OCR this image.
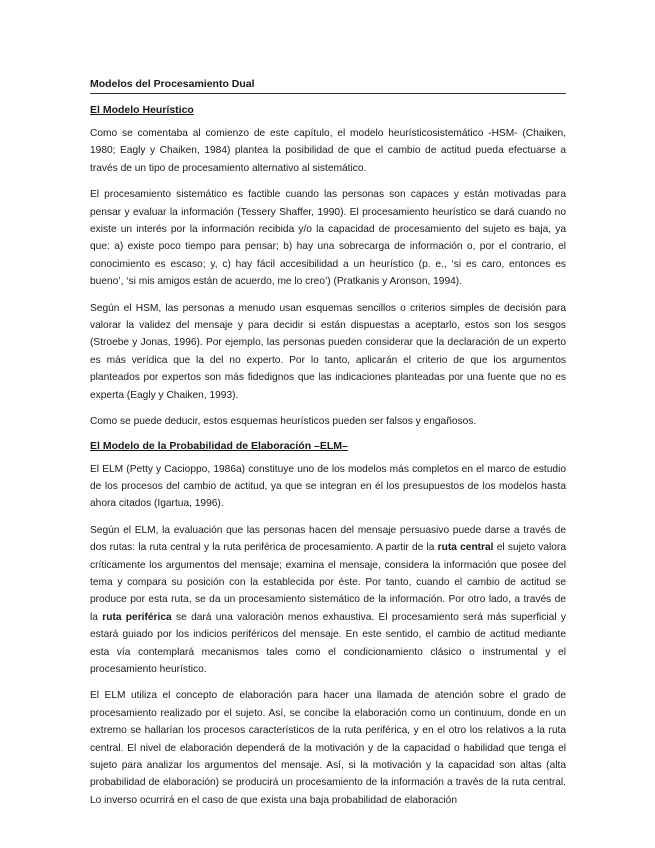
Modelos del Procesamiento Dual
El Modelo Heurístico

Como se comentaba al comienzo de este capítulo, el modelo heurísticosistemático -HSM- (Chaiken, 1980; Eagly y Chaiken, 1984) plantea la posibilidad de que el cambio de actitud pueda efectuarse a través de un tipo de procesamiento alternativo al sistemático.

El procesamiento sistemático es factible cuando las personas son capaces y están motivadas para pensar y evaluar la información (Tessery Shaffer, 1990). El procesamiento heurístico se dará cuando no existe un interés por la información recibida y/o la capacidad de procesamiento del sujeto es baja, ya que: a) existe poco tiempo para pensar; b) hay una sobrecarga de información o, por el contrario, el conocimiento es escaso; y, c) hay fácil accesibilidad a un heurístico (p. e., ‘si es caro, entonces es bueno’, ‘si mis amigos están de acuerdo, me lo creo’) (Pratkanis y Aronson, 1994).

Según el HSM, las personas a menudo usan esquemas sencillos o criterios simples de decisión para valorar la validez del mensaje y para decidir si están dispuestas a aceptarlo, estos son los sesgos (Stroebe y Jonas, 1996). Por ejemplo, las personas pueden considerar que la declaración de un experto es más verídica que la del no experto. Por lo tanto, aplicarán el criterio de que los argumentos planteados por expertos son más fidedignos que las indicaciones planteadas por una fuente que no es experta (Eagly y Chaiken, 1993).

Como se puede deducir, estos esquemas heurísticos pueden ser falsos y engañosos.

El Modelo de la Probabilidad de Elaboración –ELM–

El ELM (Petty y Cacioppo, 1986a) constituye uno de los modelos más completos en el marco de estudio de los procesos del cambio de actitud, ya que se integran en él los presupuestos de los modelos hasta ahora citados (Igartua, 1996).

Según el ELM, la evaluación que las personas hacen del mensaje persuasivo puede darse a través de dos rutas: la ruta central y la ruta periférica de procesamiento. A partir de la ruta central el sujeto valora críticamente los argumentos del mensaje; examina el mensaje, considera la información que posee del tema y compara su posición con la establecida por éste. Por tanto, cuando el cambio de actitud se produce por esta ruta, se da un procesamiento sistemático de la información. Por otro lado, a través de la ruta periférica se dará una valoración menos exhaustiva. El procesamiento será más superficial y estará guiado por los indicios periféricos del mensaje. En este sentido, el cambio de actitud mediante esta vía contemplará mecanismos tales como el condicionamiento clásico o instrumental y el procesamiento heurístico.

El ELM utiliza el concepto de elaboración para hacer una llamada de atención sobre el grado de procesamiento realizado por el sujeto. Así, se concibe la elaboración como un continuum, donde en un extremo se hallarían los procesos característicos de la ruta periférica, y en el otro los relativos a la ruta central. El nivel de elaboración dependerá de la motivación y de la capacidad o habilidad que tenga el sujeto para analizar los argumentos del mensaje. Así, si la motivación y la capacidad son altas (alta probabilidad de elaboración) se producirá un procesamiento de la información a través de la ruta central. Lo inverso ocurrirá en el caso de que exista una baja probabilidad de elaboración
